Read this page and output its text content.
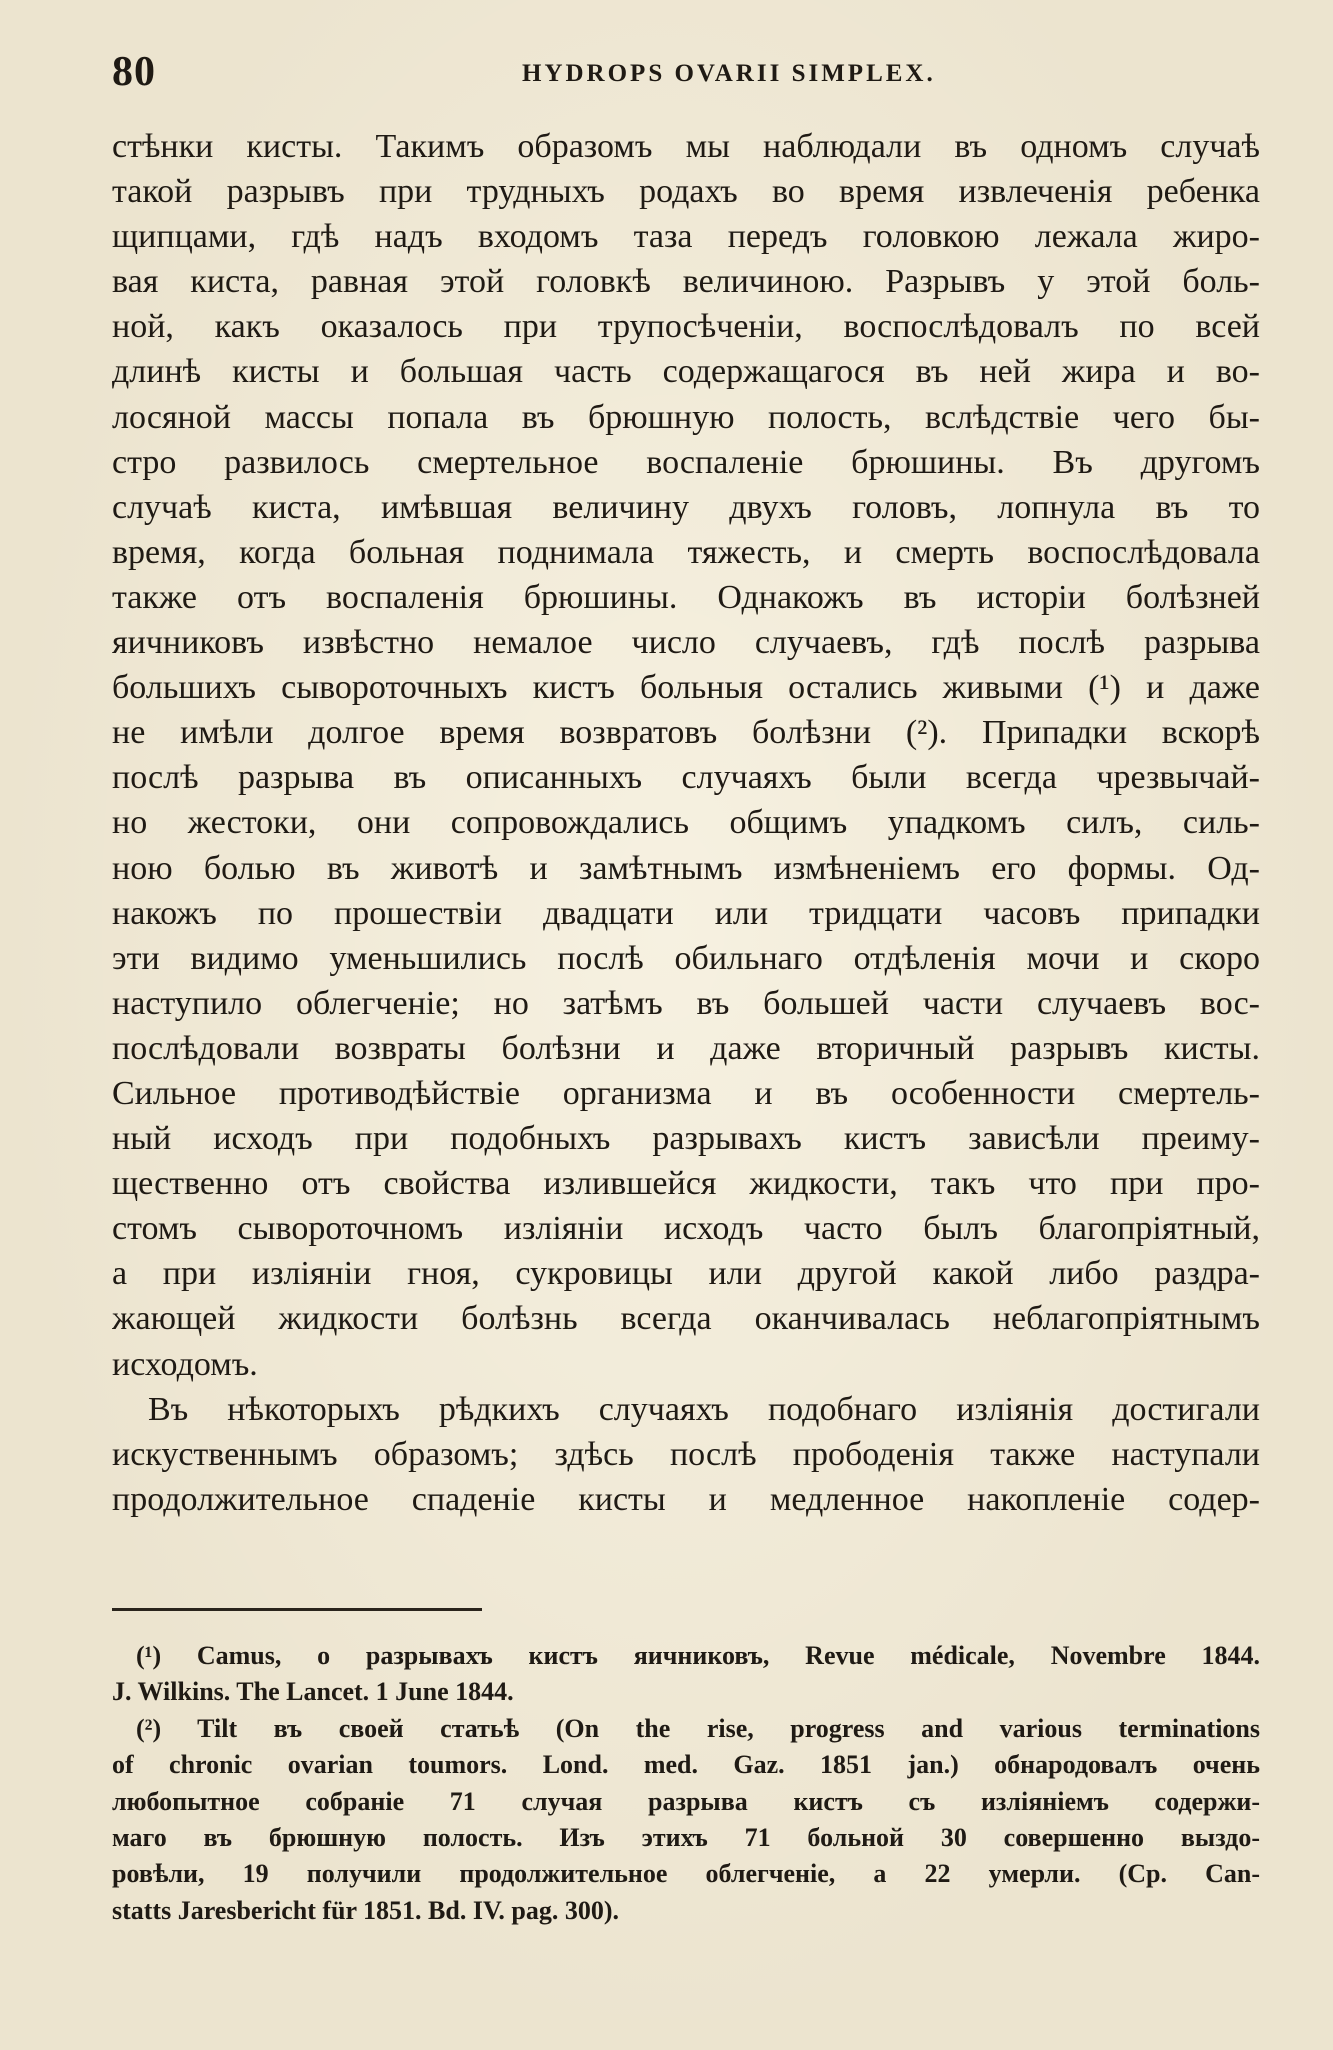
80	HYDROPS OVARII SIMPLEX.
стѣнки кисты. Такимъ образомъ мы наблюдали въ одномъ случаѣ
такой разрывъ при трудныхъ родахъ во время извлеченія ребенка
щипцами, гдѣ надъ входомъ таза передъ головкою лежала жиро-
вая киста, равная этой головкѣ величиною. Разрывъ у этой боль-
ной, какъ оказалось при трупосѣченіи, воспослѣдовалъ по всей
длинѣ кисты и большая часть содержащагося въ ней жира и во-
лосяной массы попала въ брюшную полость, вслѣдствіе чего бы-
стро развилось смертельное воспаленіе брюшины. Въ другомъ
случаѣ киста, имѣвшая величину двухъ головъ, лопнула въ то
время, когда больная поднимала тяжесть, и смерть воспослѣдовала
также отъ воспаленія брюшины. Однакожъ въ исторіи болѣзней
яичниковъ извѣстно немалое число случаевъ, гдѣ послѣ разрыва
большихъ сывороточныхъ кистъ больныя остались живыми (¹) и даже
не имѣли долгое время возвратовъ болѣзни (²). Припадки вскорѣ
послѣ разрыва въ описанныхъ случаяхъ были всегда чрезвычай-
но жестоки, они сопровождались общимъ упадкомъ силъ, силь-
ною болью въ животѣ и замѣтнымъ измѣненіемъ его формы. Од-
накожъ по прошествіи двадцати или тридцати часовъ припадки
эти видимо уменьшились послѣ обильнаго отдѣленія мочи и скоро
наступило облегченіе; но затѣмъ въ большей части случаевъ вос-
послѣдовали возвраты болѣзни и даже вторичный разрывъ кисты.
Сильное противодѣйствіе организма и въ особенности смертель-
ный исходъ при подобныхъ разрывахъ кистъ зависѣли преиму-
щественно отъ свойства излившейся жидкости, такъ что при про-
стомъ сывороточномъ изліяніи исходъ часто былъ благопріятный,
а при изліяніи гноя, сукровицы или другой какой либо раздра-
жающей жидкости болѣзнь всегда оканчивалась неблагопріятнымъ
исходомъ.
Въ нѣкоторыхъ рѣдкихъ случаяхъ подобнаго изліянія достигали
искуственнымъ образомъ; здѣсь послѣ прободенія также наступали
продолжительное спаденіе кисты и медленное накопленіе содер-
(¹) Camus, о разрывахъ кистъ яичниковъ, Revue médicale, Novembre 1844.
J. Wilkins. The Lancet. 1 June 1844.
(²) Tilt въ своей статьѣ (On the rise, progress and various terminations
of chronic ovarian toumors. Lond. med. Gaz. 1851 jan.) обнародовалъ очень
любопытное собраніе 71 случая разрыва кистъ съ изліяніемъ содержи-
маго въ брюшную полость. Изъ этихъ 71 больной 30 совершенно выздо-
ровѣли, 19 получили продолжительное облегченіе, а 22 умерли. (Ср. Can-
statts Jaresbericht für 1851. Bd. IV. pag. 300).
